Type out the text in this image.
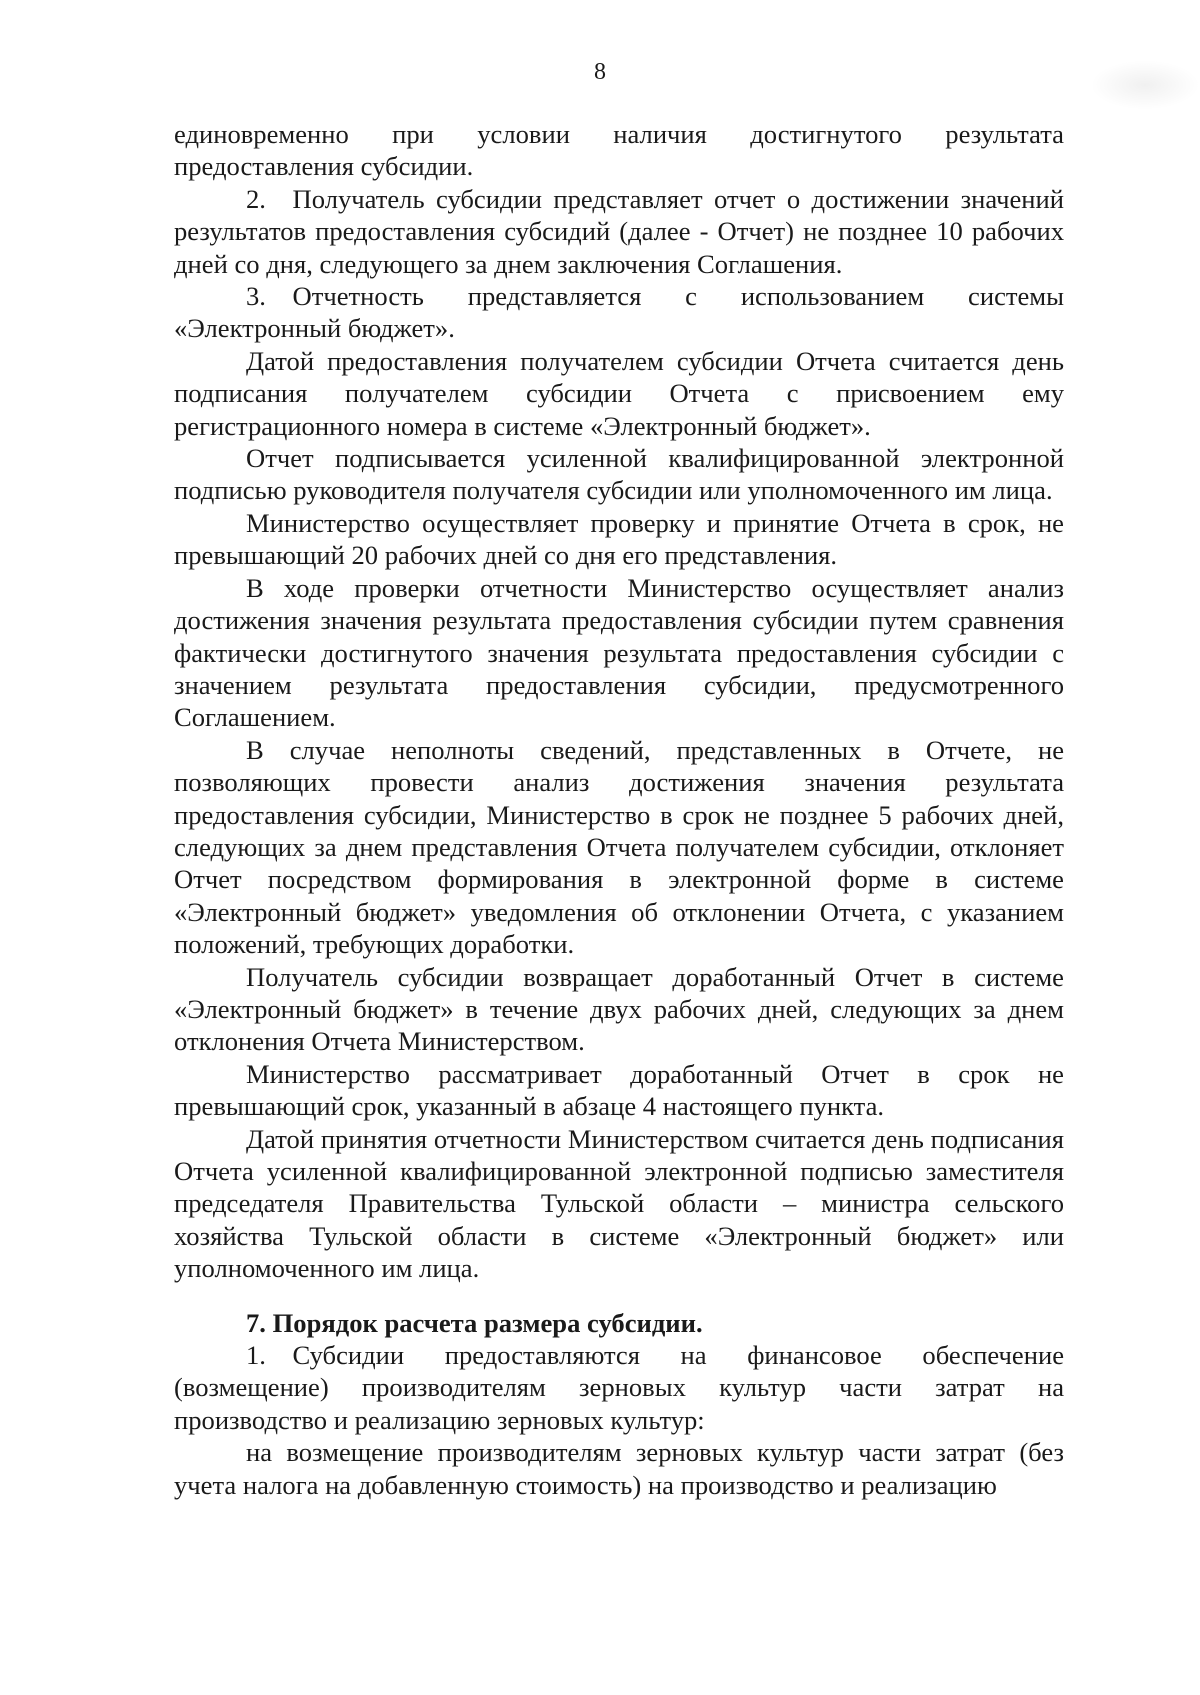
8

единовременно при условии наличия достигнутого результата предоставления субсидии.

2. Получатель субсидии представляет отчет о достижении значений результатов предоставления субсидий (далее - Отчет) не позднее 10 рабочих дней со дня, следующего за днем заключения Соглашения.

3. Отчетность представляется с использованием системы «Электронный бюджет».

Датой предоставления получателем субсидии Отчета считается день подписания получателем субсидии Отчета с присвоением ему регистрационного номера в системе «Электронный бюджет».

Отчет подписывается усиленной квалифицированной электронной подписью руководителя получателя субсидии или уполномоченного им лица.

Министерство осуществляет проверку и принятие Отчета в срок, не превышающий 20 рабочих дней со дня его представления.

В ходе проверки отчетности Министерство осуществляет анализ достижения значения результата предоставления субсидии путем сравнения фактически достигнутого значения результата предоставления субсидии с значением результата предоставления субсидии, предусмотренного Соглашением.

В случае неполноты сведений, представленных в Отчете, не позволяющих провести анализ достижения значения результата предоставления субсидии, Министерство в срок не позднее 5 рабочих дней, следующих за днем представления Отчета получателем субсидии, отклоняет Отчет посредством формирования в электронной форме в системе «Электронный бюджет» уведомления об отклонении Отчета, с указанием положений, требующих доработки.

Получатель субсидии возвращает доработанный Отчет в системе «Электронный бюджет» в течение двух рабочих дней, следующих за днем отклонения Отчета Министерством.

Министерство рассматривает доработанный Отчет в срок не превышающий срок, указанный в абзаце 4 настоящего пункта.

Датой принятия отчетности Министерством считается день подписания Отчета усиленной квалифицированной электронной подписью заместителя председателя Правительства Тульской области – министра сельского хозяйства Тульской области в системе «Электронный бюджет» или уполномоченного им лица.

7. Порядок расчета размера субсидии.

1. Субсидии предоставляются на финансовое обеспечение (возмещение) производителям зерновых культур части затрат на производство и реализацию зерновых культур:

на возмещение производителям зерновых культур части затрат (без учета налога на добавленную стоимость) на производство и реализацию
